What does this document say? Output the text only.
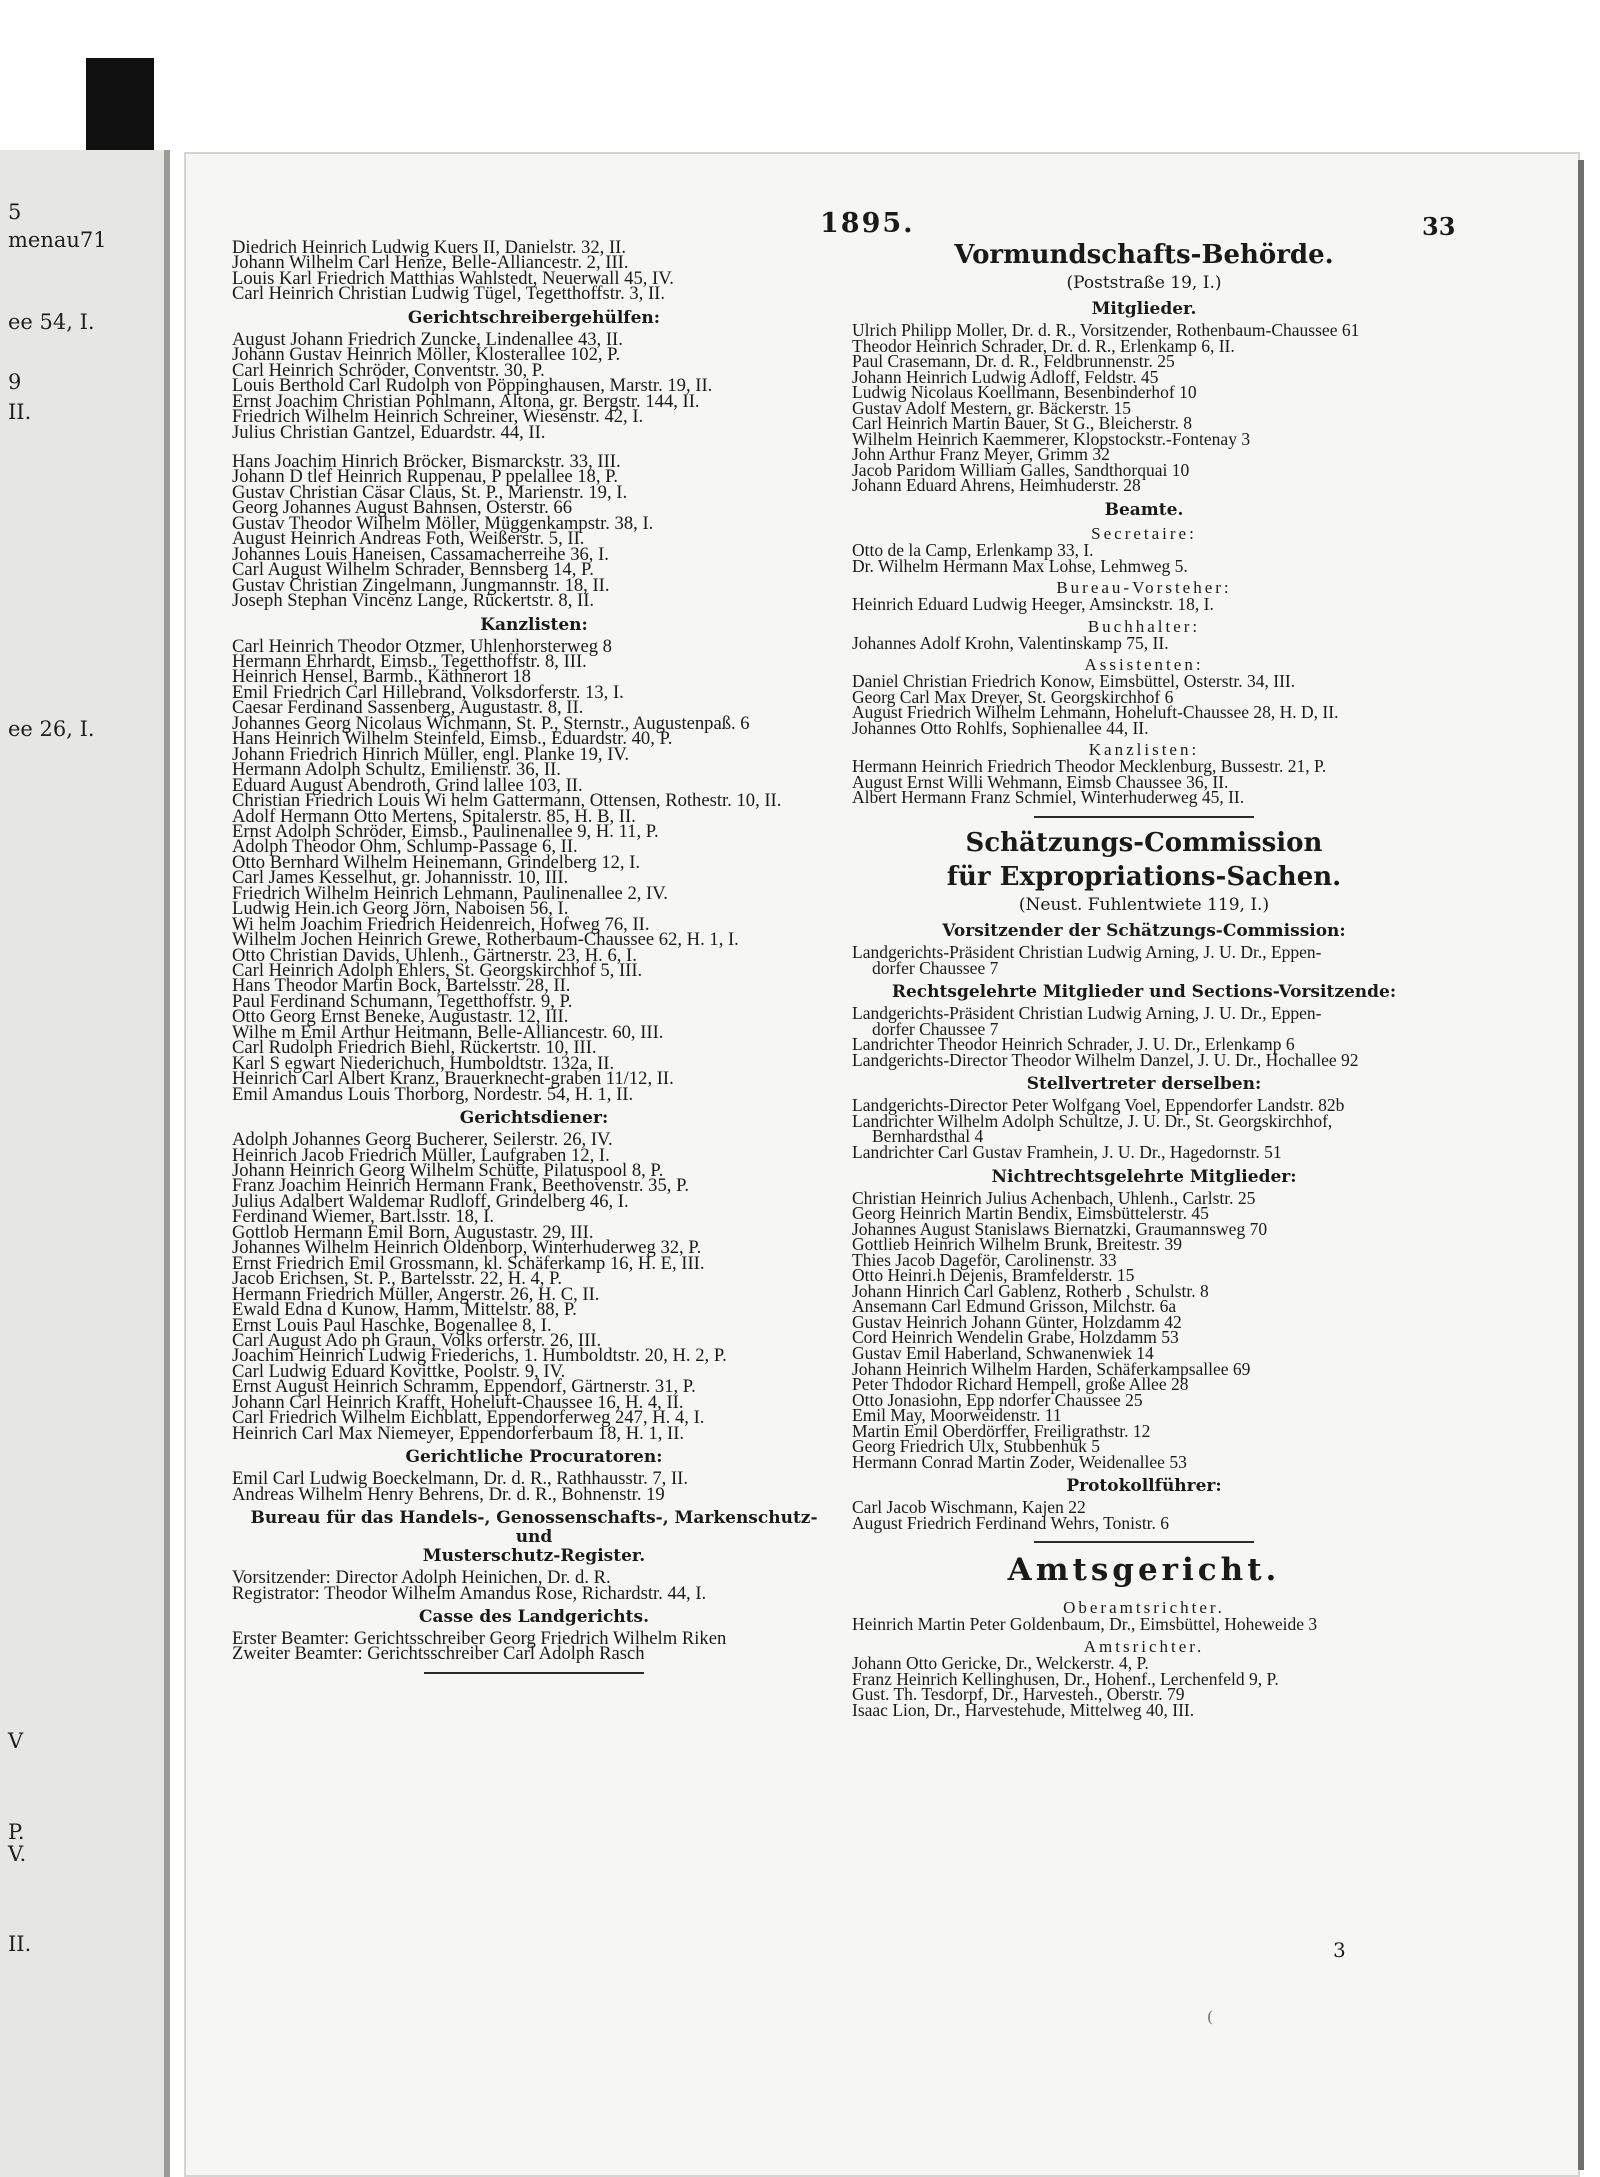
5
menau71
ee 54, I.
9
II.
ee 26, I.
V
P.
V.
II.
1895.	33
Diedrich Heinrich Ludwig Kuers II, Danielstr. 32, II.
Johann Wilhelm Carl Henze, Belle-Alliancestr. 2, III.
Louis Karl Friedrich Matthias Wahlstedt, Neuerwall 45, IV.
Carl Heinrich Christian Ludwig Tügel, Tegetthoffstr. 3, II.
Gerichtschreibergehülfen:
August Johann Friedrich Zuncke, Lindenallee 43, II.
Johann Gustav Heinrich Möller, Klosterallee 102, P.
Carl Heinrich Schröder, Conventstr. 30, P.
Louis Berthold Carl Rudolph von Pöppinghausen, Marstr. 19, II.
Ernst Joachim Christian Pohlmann, Altona, gr. Bergstr. 144, II.
Friedrich Wilhelm Heinrich Schreiner, Wiesenstr. 42, I.
Julius Christian Gantzel, Eduardstr. 44, II.
Hans Joachim Hinrich Bröcker, Bismarckstr. 33, III.
Johann D tlef Heinrich Ruppenau, P ppelallee 18, P.
Gustav Christian Cäsar Claus, St. P., Marienstr. 19, I.
Georg Johannes August Bahnsen, Osterstr. 66
Gustav Theodor Wilhelm Möller, Müggenkampstr. 38, I.
August Heinrich Andreas Foth, Weißerstr. 5, II.
Johannes Louis Haneisen, Cassamacherreihe 36, I.
Carl August Wilhelm Schrader, Bennsberg 14, P.
Gustav Christian Zingelmann, Jungmannstr. 18, II.
Joseph Stephan Vincenz Lange, Rückertstr. 8, II.
Kanzlisten:
Carl Heinrich Theodor Otzmer, Uhlenhorsterweg 8
Hermann Ehrhardt, Eimsb., Tegetthoffstr. 8, III.
Heinrich Hensel, Barmb., Käthnerort 18
Emil Friedrich Carl Hillebrand, Volksdorferstr. 13, I.
Caesar Ferdinand Sassenberg, Augustastr. 8, II.
Johannes Georg Nicolaus Wichmann, St. P., Sternstr., Augustenpaß. 6
Hans Heinrich Wilhelm Steinfeld, Eimsb., Eduardstr. 40, P.
Johann Friedrich Hinrich Müller, engl. Planke 19, IV.
Hermann Adolph Schultz, Emilienstr. 36, II.
Eduard August Abendroth, Grind lallee 103, II.
Christian Friedrich Louis Wi helm Gattermann, Ottensen, Rothestr. 10, II.
Adolf Hermann Otto Mertens, Spitalerstr. 85, H. B, II.
Ernst Adolph Schröder, Eimsb., Paulinenallee 9, H. 11, P.
Adolph Theodor Ohm, Schlump-Passage 6, II.
Otto Bernhard Wilhelm Heinemann, Grindelberg 12, I.
Carl James Kesselhut, gr. Johannisstr. 10, III.
Friedrich Wilhelm Heinrich Lehmann, Paulinenallee 2, IV.
Ludwig Hein.ich Georg Jörn, Naboisen 56, I.
Wi helm Joachim Friedrich Heidenreich, Hofweg 76, II.
Wilhelm Jochen Heinrich Grewe, Rotherbaum-Chaussee 62, H. 1, I.
Otto Christian Davids, Uhlenh., Gärtnerstr. 23, H. 6, I.
Carl Heinrich Adolph Ehlers, St. Georgskirchhof 5, III.
Hans Theodor Martin Bock, Bartelsstr. 28, II.
Paul Ferdinand Schumann, Tegetthoffstr. 9, P.
Otto Georg Ernst Beneke, Augustastr. 12, III.
Wilhe m Emil Arthur Heitmann, Belle-Alliancestr. 60, III.
Carl Rudolph Friedrich Biehl, Rückertstr. 10, III.
Karl S egwart Niederichuch, Humboldtstr. 132a, II.
Heinrich Carl Albert Kranz, Brauerknecht-graben 11/12, II.
Emil Amandus Louis Thorborg, Nordestr. 54, H. 1, II.
Gerichtsdiener:
Adolph Johannes Georg Bucherer, Seilerstr. 26, IV.
Heinrich Jacob Friedrich Müller, Laufgraben 12, I.
Johann Heinrich Georg Wilhelm Schütte, Pilatuspool 8, P.
Franz Joachim Heinrich Hermann Frank, Beethovenstr. 35, P.
Julius Adalbert Waldemar Rudloff, Grindelberg 46, I.
Ferdinand Wiemer, Bart.lsstr. 18, I.
Gottlob Hermann Emil Born, Augustastr. 29, III.
Johannes Wilhelm Heinrich Oldenborp, Winterhuderweg 32, P.
Ernst Friedrich Emil Grossmann, kl. Schäferkamp 16, H. E, III.
Jacob Erichsen, St. P., Bartelsstr. 22, H. 4, P.
Hermann Friedrich Müller, Angerstr. 26, H. C, II.
Ewald Edna d Kunow, Hamm, Mittelstr. 88, P.
Ernst Louis Paul Haschke, Bogenallee 8, I.
Carl August Ado ph Graun, Volks orferstr. 26, III.
Joachim Heinrich Ludwig Friederichs, 1. Humboldtstr. 20, H. 2, P.
Carl Ludwig Eduard Kovittke, Poolstr. 9, IV.
Ernst August Heinrich Schramm, Eppendorf, Gärtnerstr. 31, P.
Johann Carl Heinrich Krafft, Hoheluft-Chaussee 16, H. 4, II.
Carl Friedrich Wilhelm Eichblatt, Eppendorferweg 247, H. 4, I.
Heinrich Carl Max Niemeyer, Eppendorferbaum 18, H. 1, II.
Gerichtliche Procuratoren:
Emil Carl Ludwig Boeckelmann, Dr. d. R., Rathhausstr. 7, II.
Andreas Wilhelm Henry Behrens, Dr. d. R., Bohnenstr. 19
Bureau für das Handels-, Genossenschafts-, Markenschutz- und
Musterschutz-Register.
Vorsitzender: Director Adolph Heinichen, Dr. d. R.
Registrator: Theodor Wilhelm Amandus Rose, Richardstr. 44, I.
Casse des Landgerichts.
Erster Beamter: Gerichtsschreiber Georg Friedrich Wilhelm Riken
Zweiter Beamter: Gerichtsschreiber Carl Adolph Rasch
Vormundschafts-Behörde.
(Poststraße 19, I.)
Mitglieder.
Ulrich Philipp Moller, Dr. d. R., Vorsitzender, Rothenbaum-Chaussee 61
Theodor Heinrich Schrader, Dr. d. R., Erlenkamp 6, II.
Paul Crasemann, Dr. d. R., Feldbrunnenstr. 25
Johann Heinrich Ludwig Adloff, Feldstr. 45
Ludwig Nicolaus Koellmann, Besenbinderhof 10
Gustav Adolf Mestern, gr. Bäckerstr. 15
Carl Heinrich Martin Bauer, St G., Bleicherstr. 8
Wilhelm Heinrich Kaemmerer, Klopstockstr.-Fontenay 3
John Arthur Franz Meyer, Grimm 32
Jacob Paridom William Galles, Sandthorquai 10
Johann Eduard Ahrens, Heimhuderstr. 28
Beamte.
Secretaire:
Otto de la Camp, Erlenkamp 33, I.
Dr. Wilhelm Hermann Max Lohse, Lehmweg 5.
Bureau-Vorsteher:
Heinrich Eduard Ludwig Heeger, Amsinckstr. 18, I.
Buchhalter:
Johannes Adolf Krohn, Valentinskamp 75, II.
Assistenten:
Daniel Christian Friedrich Konow, Eimsbüttel, Osterstr. 34, III.
Georg Carl Max Dreyer, St. Georgskirchhof 6
August Friedrich Wilhelm Lehmann, Hoheluft-Chaussee 28, H. D, II.
Johannes Otto Rohlfs, Sophienallee 44, II.
Kanzlisten:
Hermann Heinrich Friedrich Theodor Mecklenburg, Bussestr. 21, P.
August Ernst Willi Wehmann, Eimsb Chaussee 36, II.
Albert Hermann Franz Schmiel, Winterhuderweg 45, II.
Schätzungs-Commission
für Expropriations-Sachen.
(Neust. Fuhlentwiete 119, I.)
Vorsitzender der Schätzungs-Commission:
Landgerichts-Präsident Christian Ludwig Arning, J. U. Dr., Eppen-
dorfer Chaussee 7
Rechtsgelehrte Mitglieder und Sections-Vorsitzende:
Landgerichts-Präsident Christian Ludwig Arning, J. U. Dr., Eppen-
dorfer Chaussee 7
Landrichter Theodor Heinrich Schrader, J. U. Dr., Erlenkamp 6
Landgerichts-Director Theodor Wilhelm Danzel, J. U. Dr., Hochallee 92
Stellvertreter derselben:
Landgerichts-Director Peter Wolfgang Voel, Eppendorfer Landstr. 82b
Landrichter Wilhelm Adolph Schultze, J. U. Dr., St. Georgskirchhof,
Bernhardsthal 4
Landrichter Carl Gustav Framhein, J. U. Dr., Hagedornstr. 51
Nichtrechtsgelehrte Mitglieder:
Christian Heinrich Julius Achenbach, Uhlenh., Carlstr. 25
Georg Heinrich Martin Bendix, Eimsbüttelerstr. 45
Johannes August Stanislaws Biernatzki, Graumannsweg 70
Gottlieb Heinrich Wilhelm Brunk, Breitestr. 39
Thies Jacob Dageför, Carolinenstr. 33
Otto Heinri.h Dejenis, Bramfelderstr. 15
Johann Hinrich Carl Gablenz, Rotherb , Schulstr. 8
Ansemann Carl Edmund Grisson, Milchstr. 6a
Gustav Heinrich Johann Günter, Holzdamm 42
Cord Heinrich Wendelin Grabe, Holzdamm 53
Gustav Emil Haberland, Schwanenwiek 14
Johann Heinrich Wilhelm Harden, Schäferkampsallee 69
Peter Thdodor Richard Hempell, große Allee 28
Otto Jonasiohn, Epp ndorfer Chaussee 25
Emil May, Moorweidenstr. 11
Martin Emil Oberdörffer, Freiligrathstr. 12
Georg Friedrich Ulx, Stubbenhuk 5
Hermann Conrad Martin Zoder, Weidenallee 53
Protokollführer:
Carl Jacob Wischmann, Kajen 22
August Friedrich Ferdinand Wehrs, Tonistr. 6
Amtsgericht.
Oberamtsrichter.
Heinrich Martin Peter Goldenbaum, Dr., Eimsbüttel, Hoheweide 3
Amtsrichter.
Johann Otto Gericke, Dr., Welckerstr. 4, P.
Franz Heinrich Kellinghusen, Dr., Hohenf., Lerchenfeld 9, P.
Gust. Th. Tesdorpf, Dr., Harvesteh., Oberstr. 79
Isaac Lion, Dr., Harvestehude, Mittelweg 40, III.
3
(
